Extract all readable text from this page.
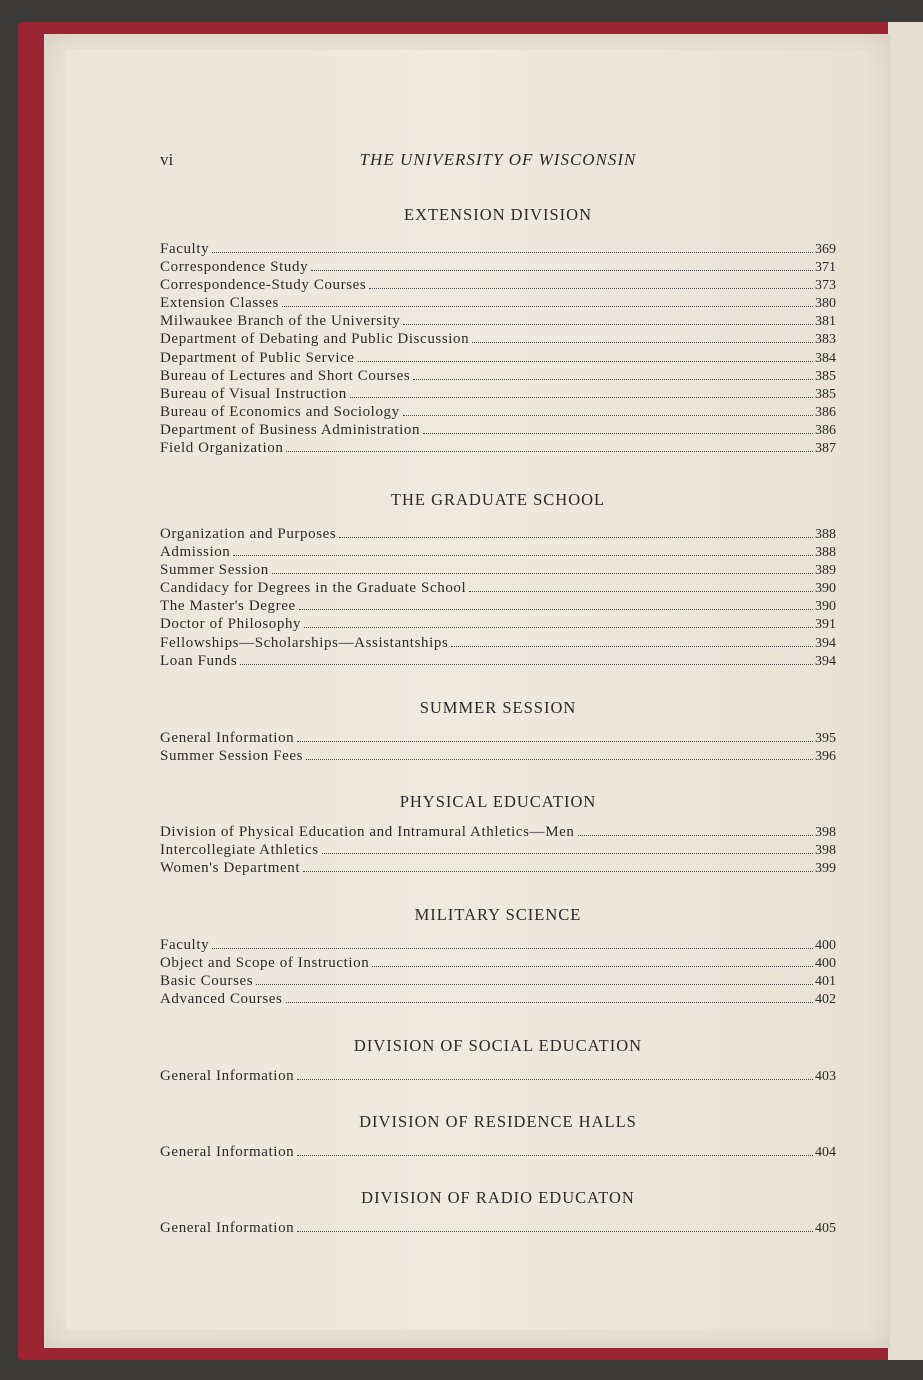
vi	THE UNIVERSITY OF WISCONSIN
EXTENSION DIVISION
Faculty	369
Correspondence Study	371
Correspondence-Study Courses	373
Extension Classes	380
Milwaukee Branch of the University	381
Department of Debating and Public Discussion	383
Department of Public Service	384
Bureau of Lectures and Short Courses	385
Bureau of Visual Instruction	385
Bureau of Economics and Sociology	386
Department of Business Administration	386
Field Organization	387
THE GRADUATE SCHOOL
Organization and Purposes	388
Admission	388
Summer Session	389
Candidacy for Degrees in the Graduate School	390
The Master's Degree	390
Doctor of Philosophy	391
Fellowships—Scholarships—Assistantships	394
Loan Funds	394
SUMMER SESSION
General Information	395
Summer Session Fees	396
PHYSICAL EDUCATION
Division of Physical Education and Intramural Athletics—Men	398
Intercollegiate Athletics	398
Women's Department	399
MILITARY SCIENCE
Faculty	400
Object and Scope of Instruction	400
Basic Courses	401
Advanced Courses	402
DIVISION OF SOCIAL EDUCATION
General Information	403
DIVISION OF RESIDENCE HALLS
General Information	404
DIVISION OF RADIO EDUCATON
General Information	405
